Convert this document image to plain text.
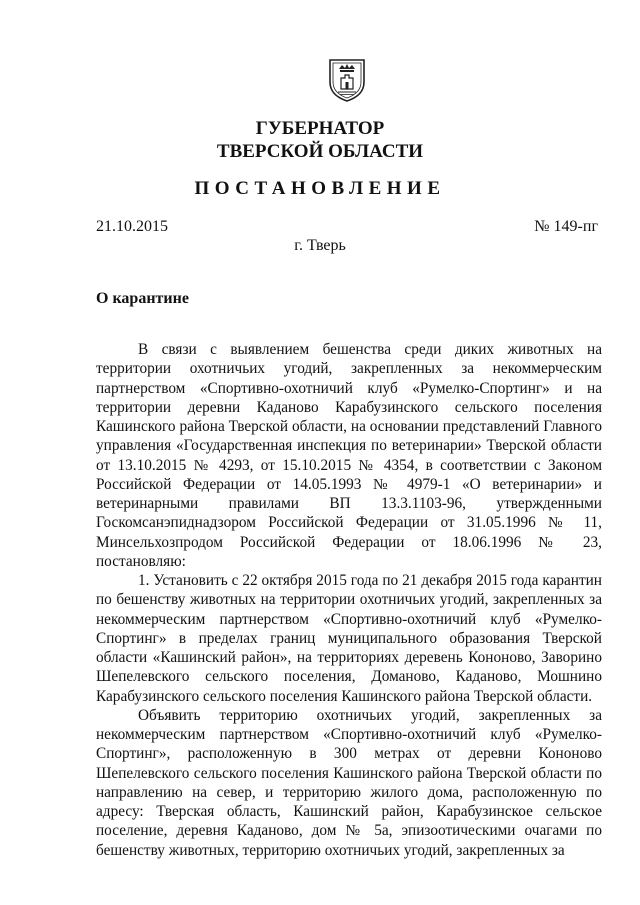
ГУБЕРНАТОР
ТВЕРСКОЙ ОБЛАСТИ
ПОСТАНОВЛЕНИЕ
21.10.2015	№ 149-пг
г. Тверь
О карантине

В связи с выявлением бешенства среди диких животных на территории охотничьих угодий, закрепленных за некоммерческим партнерством «Спортивно-охотничий клуб «Румелко-Спортинг» и на территории деревни Каданово Карабузинского сельского поселения Кашинского района Тверской области, на основании представлений Главного управления «Государственная инспекция по ветеринарии» Тверской области от 13.10.2015 № 4293, от 15.10.2015 № 4354, в соответствии с Законом Российской Федерации от 14.05.1993 № 4979-1 «О ветеринарии» и ветеринарными правилами ВП 13.3.1103-96, утвержденными Госкомсанэпиднадзором Российской Федерации от 31.05.1996 № 11, Минсельхозпродом Российской Федерации от 18.06.1996 № 23, постановляю:

1. Установить с 22 октября 2015 года по 21 декабря 2015 года карантин по бешенству животных на территории охотничьих угодий, закрепленных за некоммерческим партнерством «Спортивно-охотничий клуб «Румелко-Спортинг» в пределах границ муниципального образования Тверской области «Кашинский район», на территориях деревень Кононово, Заворино Шепелевского сельского поселения, Доманово, Каданово, Мошнино Карабузинского сельского поселения Кашинского района Тверской области.

Объявить территорию охотничьих угодий, закрепленных за некоммерческим партнерством «Спортивно-охотничий клуб «Румелко-Спортинг», расположенную в 300 метрах от деревни Кононово Шепелевского сельского поселения Кашинского района Тверской области по направлению на север, и территорию жилого дома, расположенную по адресу: Тверская область, Кашинский район, Карабузинское сельское поселение, деревня Каданово, дом № 5а, эпизоотическими очагами по бешенству животных, территорию охотничьих угодий, закрепленных за
